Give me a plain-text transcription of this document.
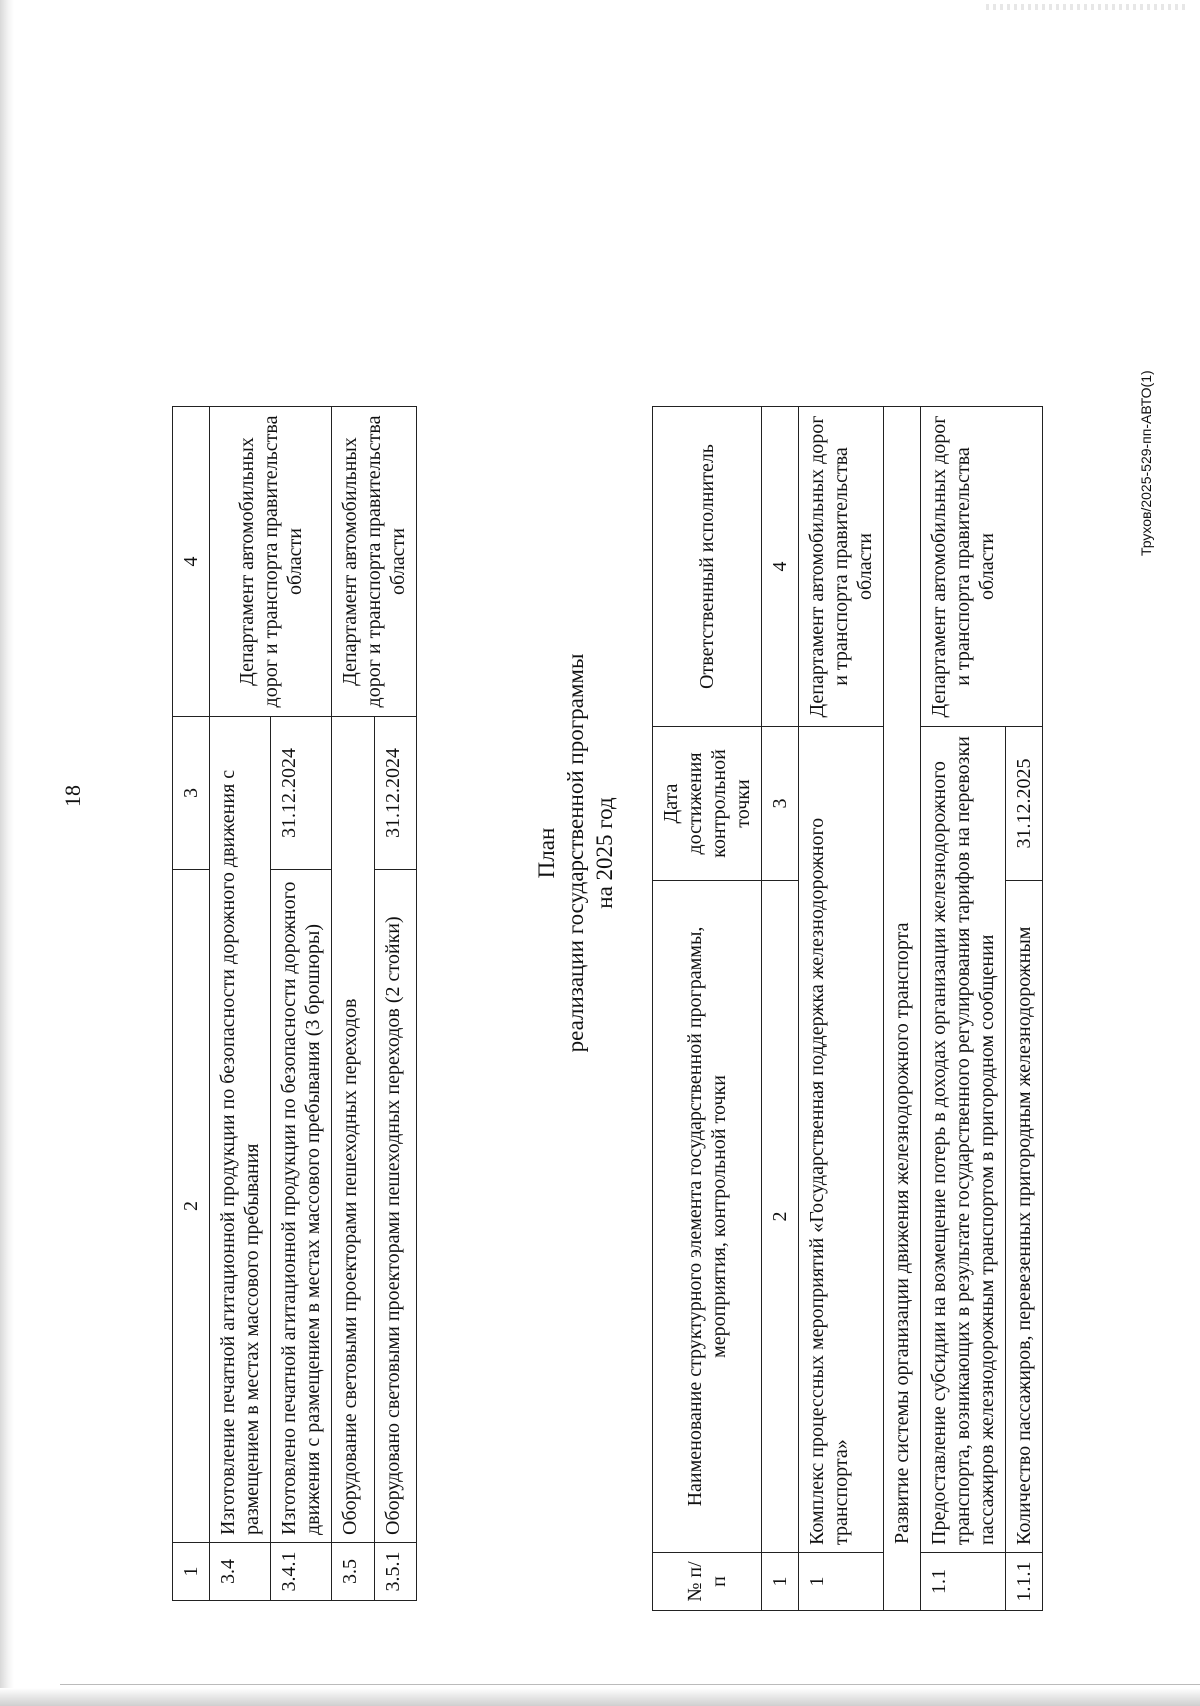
18
1	2	3	4
3.4	Изготовление печатной агитационной продукции по безопасности дорожного движения с размещением в местах массового пребывания		Департамент автомобильных дорог и транспорта правительства области
3.4.1	Изготовлено печатной агитационной продукции по безопасности дорожного движения с размещением в местах массового пребывания (3 брошюры)	31.12.2024	
3.5	Оборудование световыми проекторами пешеходных переходов		Департамент автомобильных дорог и транспорта правительства области
3.5.1	Оборудовано световыми проекторами пешеходных переходов (2 стойки)	31.12.2024	
План реализации государственной программы на 2025 год
№ п/п	Наименование структурного элемента государственной программы, мероприятия, контрольной точки	Дата достижения контрольной точки	Ответственный исполнитель
1	2	3	4
1	Комплекс процессных мероприятий «Государственная поддержка железнодорожного транспорта»		Департамент автомобильных дорог и транспорта правительства области
Развитие системы организации движения железнодорожного транспорта			
1.1	Предоставление субсидии на возмещение потерь в доходах организации железнодорожного транспорта, возникающих в результате государственного регулирования тарифов на перевозки пассажиров железнодорожным транспортом в пригородном сообщении		Департамент автомобильных дорог и транспорта правительства области
1.1.1	Количество пассажиров, перевезенных пригородным железнодорожным	31.12.2025	
Трухов/2025-529-пп-АВТО(1)
